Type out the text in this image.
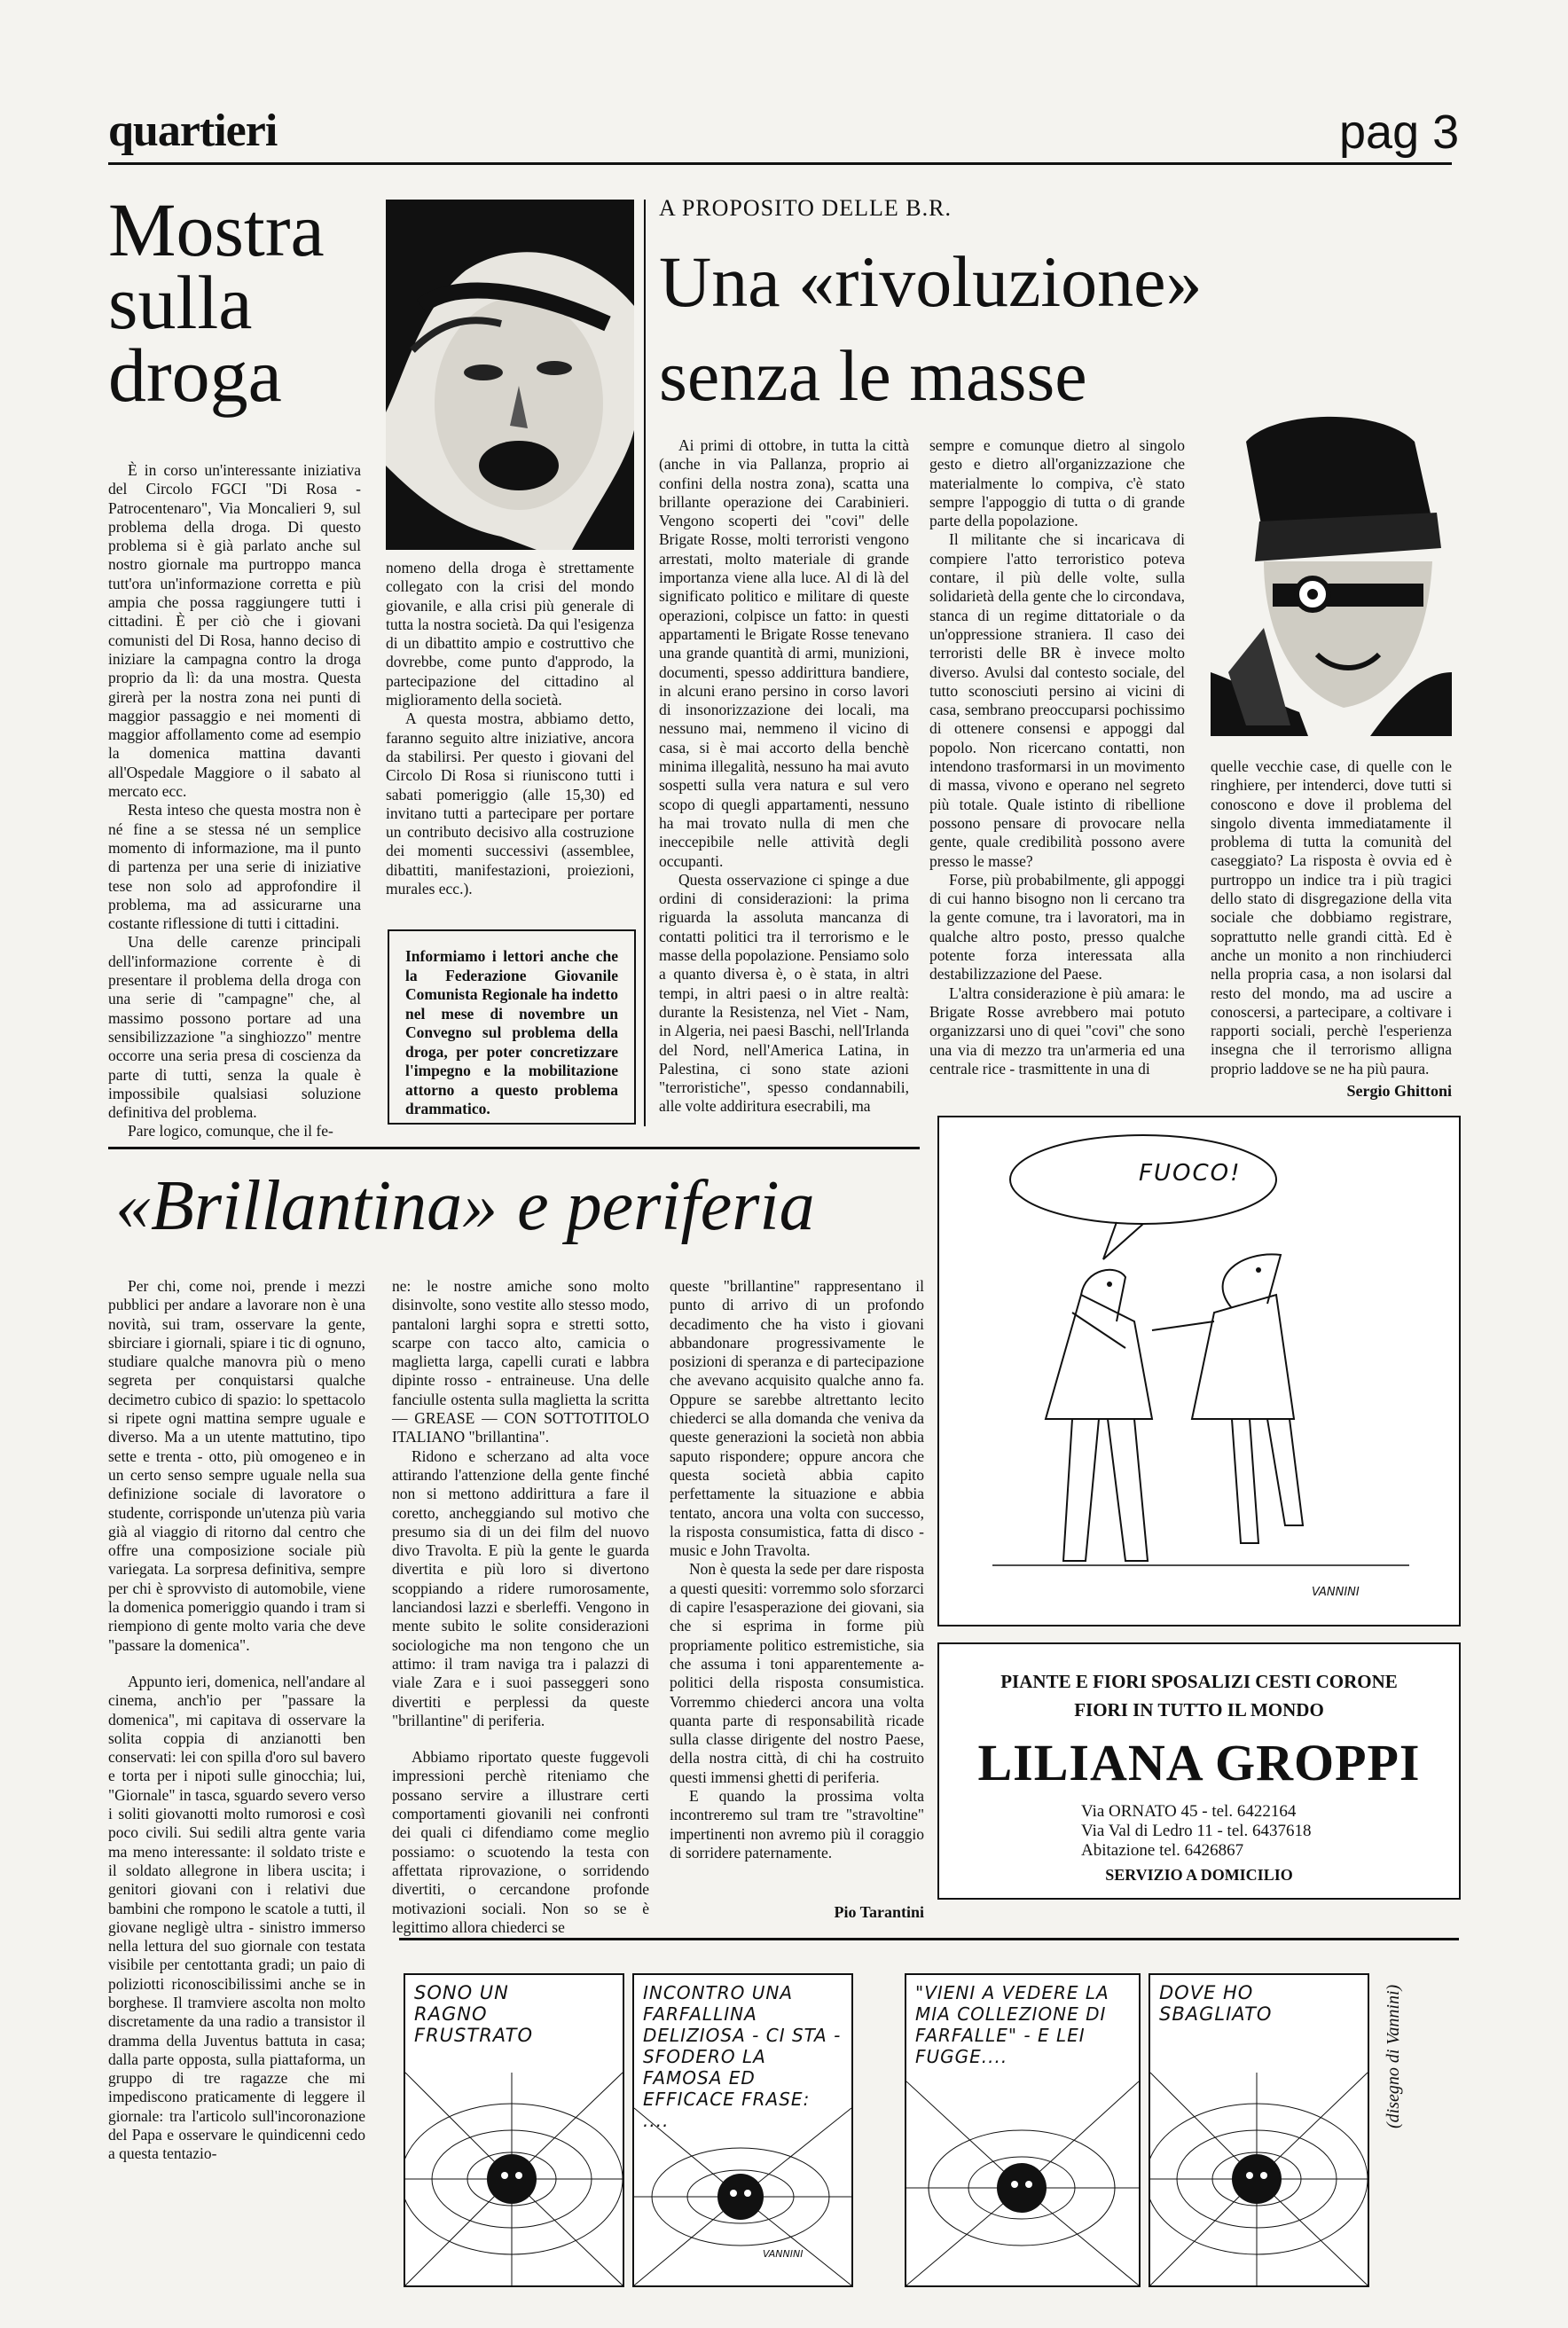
quartieri	pag 3
Mostra sulla droga

È in corso un'interessante iniziativa del Circolo FGCI "Di Rosa - Patrocentenaro", Via Moncalieri 9, sul problema della droga. Di questo problema si è già parlato anche sul nostro giornale ma purtroppo manca tutt'ora un'informazione corretta e più ampia che possa raggiungere tutti i cittadini. È per ciò che i giovani comunisti del Di Rosa, hanno deciso di iniziare la campagna contro la droga proprio da lì: da una mostra. Questa girerà per la nostra zona nei punti di maggior passaggio e nei momenti di maggior affollamento come ad esempio la domenica mattina davanti all'Ospedale Maggiore o il sabato al mercato ecc.

Resta inteso che questa mostra non è né fine a se stessa né un semplice momento di informazione, ma il punto di partenza per una serie di iniziative tese non solo ad approfondire il problema, ma ad assicurarne una costante riflessione di tutti i cittadini.

Una delle carenze principali dell'informazione corrente è di presentare il problema della droga con una serie di "campagne" che, al massimo possono portare ad una sensibilizzazione "a singhiozzo" mentre occorre una seria presa di coscienza da parte di tutti, senza la quale è impossibile qualsiasi soluzione definitiva del problema.

Pare logico, comunque, che il fe-

nomeno della droga è strettamente collegato con la crisi del mondo giovanile, e alla crisi più generale di tutta la nostra società. Da qui l'esigenza di un dibattito ampio e costruttivo che dovrebbe, come punto d'approdo, la partecipazione del cittadino al miglioramento della società.

A questa mostra, abbiamo detto, faranno seguito altre iniziative, ancora da stabilirsi. Per questo i giovani del Circolo Di Rosa si riuniscono tutti i sabati pomeriggio (alle 15,30) ed invitano tutti a partecipare per portare un contributo decisivo alla costruzione dei momenti successivi (assemblee, dibattiti, manifestazioni, proiezioni, murales ecc.).

Informiamo i lettori anche che la Federazione Giovanile Comunista Regionale ha indetto nel mese di novembre un Convegno sul problema della droga, per poter concretizzare l'impegno e la mobilitazione attorno a questo problema drammatico.
A PROPOSITO DELLE B.R.
Una «rivoluzione»
senza le masse

Ai primi di ottobre, in tutta la città (anche in via Pallanza, proprio ai confini della nostra zona), scatta una brillante operazione dei Carabinieri. Vengono scoperti dei "covi" delle Brigate Rosse, molti terroristi vengono arrestati, molto materiale di grande importanza viene alla luce. Al di là del significato politico e militare di queste operazioni, colpisce un fatto: in questi appartamenti le Brigate Rosse tenevano una grande quantità di armi, munizioni, documenti, spesso addirittura bandiere, in alcuni erano persino in corso lavori di insonorizzazione dei locali, ma nessuno mai, nemmeno il vicino di casa, si è mai accorto della benchè minima illegalità, nessuno ha mai avuto sospetti sulla vera natura e sul vero scopo di quegli appartamenti, nessuno ha mai trovato nulla di men che ineccepibile nelle attività degli occupanti.

Questa osservazione ci spinge a due ordini di considerazioni: la prima riguarda la assoluta mancanza di contatti politici tra il terrorismo e le masse della popolazione. Pensiamo solo a quanto diversa è, o è stata, in altri tempi, in altri paesi o in altre realtà: durante la Resistenza, nel Viet - Nam, in Algeria, nei paesi Baschi, nell'Irlanda del Nord, nell'America Latina, in Palestina, ci sono state azioni "terroristiche", spesso condannabili, alle volte addiritura esecrabili, ma

sempre e comunque dietro al singolo gesto e dietro all'organizzazione che materialmente lo compiva, c'è stato sempre l'appoggio di tutta o di grande parte della popolazione.

Il militante che si incaricava di compiere l'atto terroristico poteva contare, il più delle volte, sulla solidarietà della gente che lo circondava, stanca di un regime dittatoriale o da un'oppressione straniera. Il caso dei terroristi delle BR è invece molto diverso. Avulsi dal contesto sociale, del tutto sconosciuti persino ai vicini di casa, sembrano preoccuparsi pochissimo di ottenere consensi e appoggi dal popolo. Non ricercano contatti, non intendono trasformarsi in un movimento di massa, vivono e operano nel segreto più totale. Quale istinto di ribellione possono pensare di provocare nella gente, quale credibilità possono avere presso le masse?

Forse, più probabilmente, gli appoggi di cui hanno bisogno non li cercano tra la gente comune, tra i lavoratori, ma in qualche altro posto, presso qualche potente forza interessata alla destabilizzazione del Paese.

L'altra considerazione è più amara: le Brigate Rosse avrebbero mai potuto organizzarsi uno di quei "covi" che sono una via di mezzo tra un'armeria ed una centrale rice - trasmittente in una di

quelle vecchie case, di quelle con le ringhiere, per intenderci, dove tutti si conoscono e dove il problema del singolo diventa immediatamente il problema di tutta la comunità del caseggiato? La risposta è ovvia ed è purtroppo un indice tra i più tragici dello stato di disgregazione della vita sociale che dobbiamo registrare, soprattutto nelle grandi città. Ed è anche un monito a non rinchiuderci nella propria casa, a non isolarsi dal resto del mondo, ma ad uscire a conoscersi, a partecipare, a coltivare i rapporti sociali, perchè l'esperienza insegna che il terrorismo alligna proprio laddove se ne ha più paura.

Sergio Ghittoni
«Brillantina» e periferia

Per chi, come noi, prende i mezzi pubblici per andare a lavorare non è una novità, sui tram, osservare la gente, sbirciare i giornali, spiare i tic di ognuno, studiare qualche manovra più o meno segreta per conquistarsi qualche decimetro cubico di spazio: lo spettacolo si ripete ogni mattina sempre uguale e diverso. Ma a un utente mattutino, tipo sette e trenta - otto, più omogeneo e in un certo senso sempre uguale nella sua definizione sociale di lavoratore o studente, corrisponde un'utenza più varia già al viaggio di ritorno dal centro che offre una composizione sociale più variegata. La sorpresa definitiva, sempre per chi è sprovvisto di automobile, viene la domenica pomeriggio quando i tram si riempiono di gente molto varia che deve "passare la domenica".

Appunto ieri, domenica, nell'andare al cinema, anch'io per "passare la domenica", mi capitava di osservare la solita coppia di anzianotti ben conservati: lei con spilla d'oro sul bavero e torta per i nipoti sulle ginocchia; lui, "Giornale" in tasca, sguardo severo verso i soliti giovanotti molto rumorosi e così poco civili. Sui sedili altra gente varia ma meno interessante: il soldato triste e il soldato allegrone in libera uscita; i genitori giovani con i relativi due bambini che rompono le scatole a tutti, il giovane negligè ultra - sinistro immerso nella lettura del suo giornale con testata visibile per centottanta gradi; un paio di poliziotti riconoscibilissimi anche se in borghese. Il tramviere ascolta non molto discretamente da una radio a transistor il dramma della Juventus battuta in casa; dalla parte opposta, sulla piattaforma, un gruppo di tre ragazze che mi impediscono praticamente di leggere il giornale: tra l'articolo sull'incoronazione del Papa e osservare le quindicenni cedo a questa tentazio-

ne: le nostre amiche sono molto disinvolte, sono vestite allo stesso modo, pantaloni larghi sopra e stretti sotto, scarpe con tacco alto, camicia o maglietta larga, capelli curati e labbra dipinte rosso - entraineuse. Una delle fanciulle ostenta sulla maglietta la scritta — GREASE — CON SOTTOTITOLO ITALIANO "brillantina".

Ridono e scherzano ad alta voce attirando l'attenzione della gente finché non si mettono addirittura a fare il coretto, ancheggiando sul motivo che presumo sia di un dei film del nuovo divo Travolta. E più la gente le guarda divertita e più loro si divertono scoppiando a ridere rumorosamente, lanciandosi lazzi e sberleffi. Vengono in mente subito le solite considerazioni sociologiche ma non tengono che un attimo: il tram naviga tra i palazzi di viale Zara e i suoi passeggeri sono divertiti e perplessi da queste "brillantine" di periferia.

Abbiamo riportato queste fuggevoli impressioni perchè riteniamo che possano servire a illustrare certi comportamenti giovanili nei confronti dei quali ci difendiamo come meglio possiamo: o scuotendo la testa con affettata riprovazione, o sorridendo divertiti, o cercandone profonde motivazioni sociali. Non so se è legittimo allora chiederci se

queste "brillantine" rappresentano il punto di arrivo di un profondo decadimento che ha visto i giovani abbandonare progressivamente le posizioni di speranza e di partecipazione che avevano acquisito qualche anno fa. Oppure se sarebbe altrettanto lecito chiederci se alla domanda che veniva da queste generazioni la società non abbia saputo rispondere; oppure ancora che questa società abbia capito perfettamente la situazione e abbia tentato, ancora una volta con successo, la risposta consumistica, fatta di disco - music e John Travolta.

Non è questa la sede per dare risposta a questi quesiti: vorremmo solo sforzarci di capire l'esasperazione dei giovani, sia che si esprima in forme più propriamente politico estremistiche, sia che assuma i toni apparentemente a-politici della risposta consumistica. Vorremmo chiederci ancora una volta quanta parte di responsabilità ricade sulla classe dirigente del nostro Paese, della nostra città, di chi ha costruito questi immensi ghetti di periferia.

E quando la prossima volta incontreremo sul tram tre "stravoltine" impertinenti non avremo più il coraggio di sorridere paternamente.

Pio Tarantini
FUOCO!
VANNINI
PIANTE E FIORI SPOSALIZI CESTI CORONE
FIORI IN TUTTO IL MONDO
LILIANA GROPPI
Via ORNATO 45 - tel. 6422164
Via Val di Ledro 11 - tel. 6437618
Abitazione tel. 6426867
SERVIZIO A DOMICILIO
SONO UN RAGNO FRUSTRATO
INCONTRO UNA FARFALLINA DELIZIOSA - CI STA - SFODERO LA FAMOSA ED EFFICACE FRASE: ....
"VIENI A VEDERE LA MIA COLLEZIONE DI FARFALLE" - E LEI FUGGE....
DOVE HO SBAGLIATO
VANNINI
(disegno di Vannini)
